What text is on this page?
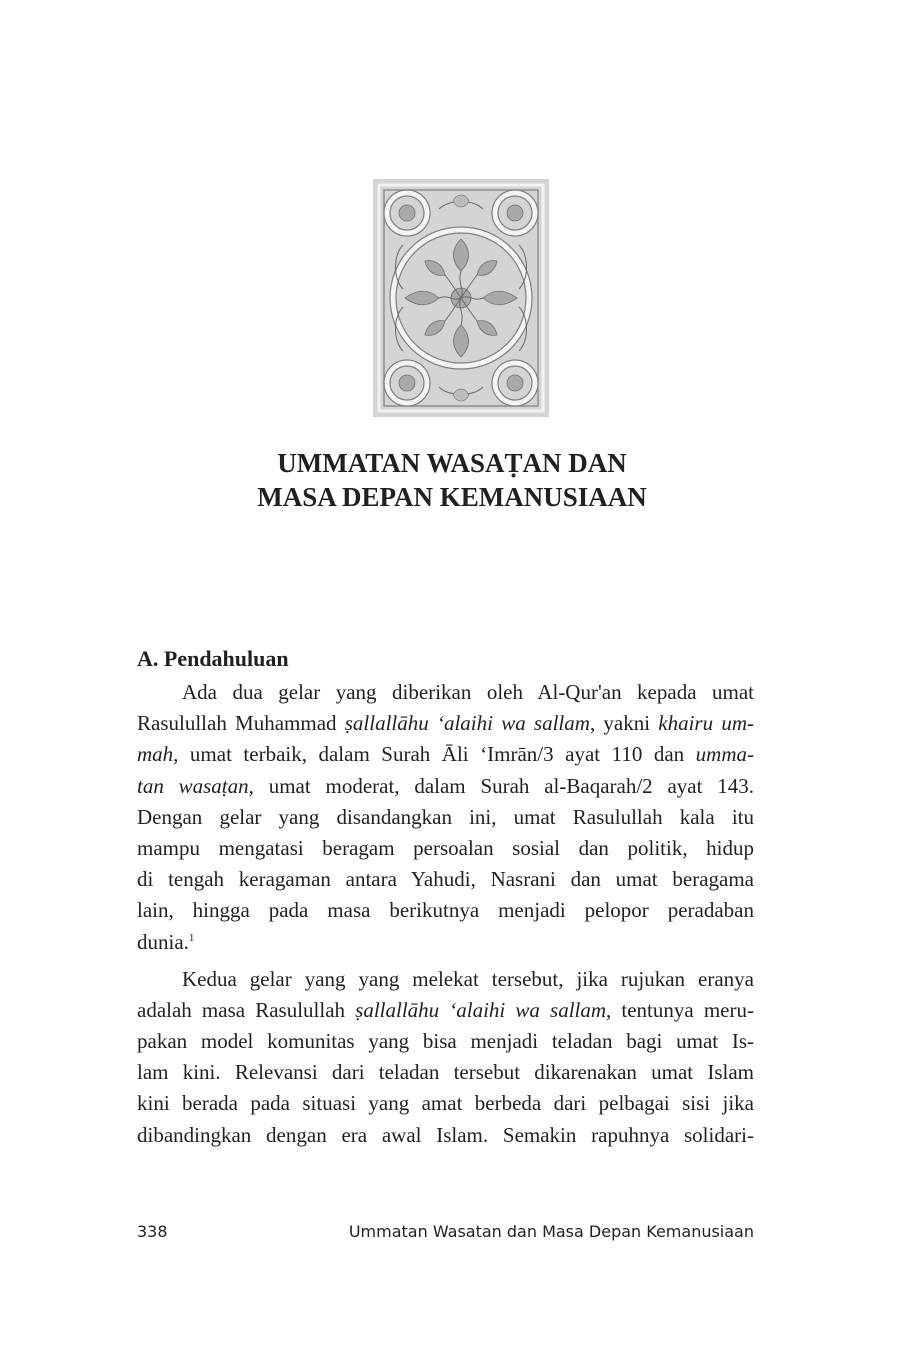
UMMATAN WASAṬAN DAN
MASA DEPAN KEMANUSIAAN
A. Pendahuluan
Ada dua gelar yang diberikan oleh Al-Qur'an kepada umat
Rasulullah Muhammad ṣallallāhu ‘alaihi wa sallam, yakni khairu um-
mah, umat terbaik, dalam Surah Āli ‘Imrān/3 ayat 110 dan umma-
tan wasaṭan, umat moderat, dalam Surah al-Baqarah/2 ayat 143.
Dengan gelar yang disandangkan ini, umat Rasulullah kala itu
mampu mengatasi beragam persoalan sosial dan politik, hidup
di tengah keragaman antara Yahudi, Nasrani dan umat beragama
lain, hingga pada masa berikutnya menjadi pelopor peradaban
dunia.$^1$
Kedua gelar yang yang melekat tersebut, jika rujukan eranya
adalah masa Rasulullah ṣallallāhu ‘alaihi wa sallam, tentunya meru-
pakan model komunitas yang bisa menjadi teladan bagi umat Is-
lam kini. Relevansi dari teladan tersebut dikarenakan umat Islam
kini berada pada situasi yang amat berbeda dari pelbagai sisi jika
dibandingkan dengan era awal Islam. Semakin rapuhnya solidari-
338	Ummatan Wasatan dan Masa Depan Kemanusiaan
